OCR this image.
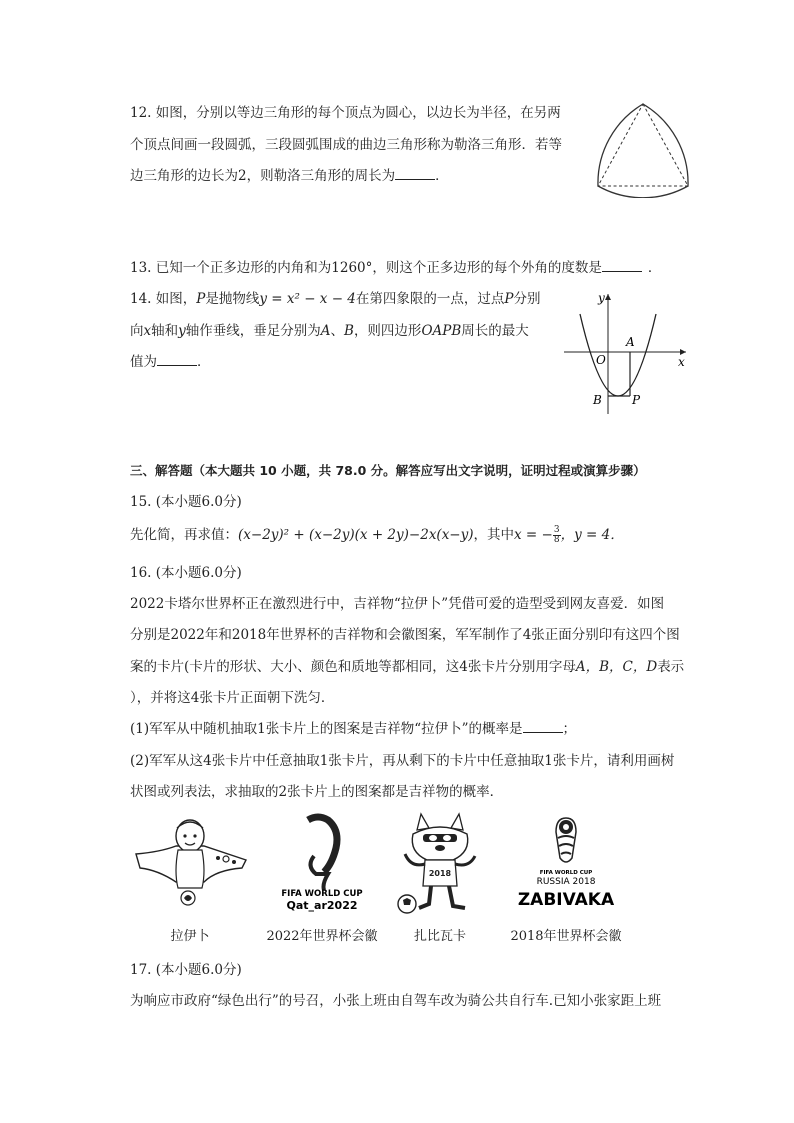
12. 如图，分别以等边三角形的每个顶点为圆心，以边长为半径，在另两
个顶点间画一段圆弧，三段圆弧围成的曲边三角形称为勒洛三角形．若等
边三角形的边长为2，则勒洛三角形的周长为	．
13. 已知一个正多边形的内角和为1260°，则这个正多边形的每个外角的度数是	．
14. 如图，P是抛物线y = x² − x − 4在第四象限的一点，过点P分别
向x轴和y轴作垂线，垂足分别为A、B，则四边形OAPB周长的最大
值为	．
y
x
O
A
B	P
三、解答题（本大题共 10 小题，共 78.0 分。解答应写出文字说明，证明过程或演算步骤）
15. (本小题6.0分)
先化简，再求值：(x−2y)² + (x−2y)(x + 2y)−2x(x−y)，其中x = − $\frac{3}{8}$ ，y = 4．
16. (本小题6.0分)
2022卡塔尔世界杯正在激烈进行中，吉祥物“拉伊卜”凭借可爱的造型受到网友喜爱．如图
分别是2022年和2018年世界杯的吉祥物和会徽图案，军军制作了4张正面分别印有这四个图
案的卡片(卡片的形状、大小、颜色和质地等都相同，这4张卡片分别用字母A，B，C，D表示
），并将这4张卡片正面朝下洗匀．
(1)军军从中随机抽取1张卡片上的图案是吉祥物“拉伊卜”的概率是	；
(2)军军从这4张卡片中任意抽取1张卡片，再从剩下的卡片中任意抽取1张卡片，请利用画树
状图或列表法，求抽取的2张卡片上的图案都是吉祥物的概率．
FIFA WORLD CUP
Qat_ar2022
2018	FIFA WORLD CUP
RUSSIA 2018
ZABIVAKA
拉伊卜	2022年世界杯会徽	扎比瓦卡	2018年世界杯会徽
17. (本小题6.0分)
为响应市政府“绿色出行”的号召，小张上班由自驾车改为骑公共自行车.已知小张家距上班
